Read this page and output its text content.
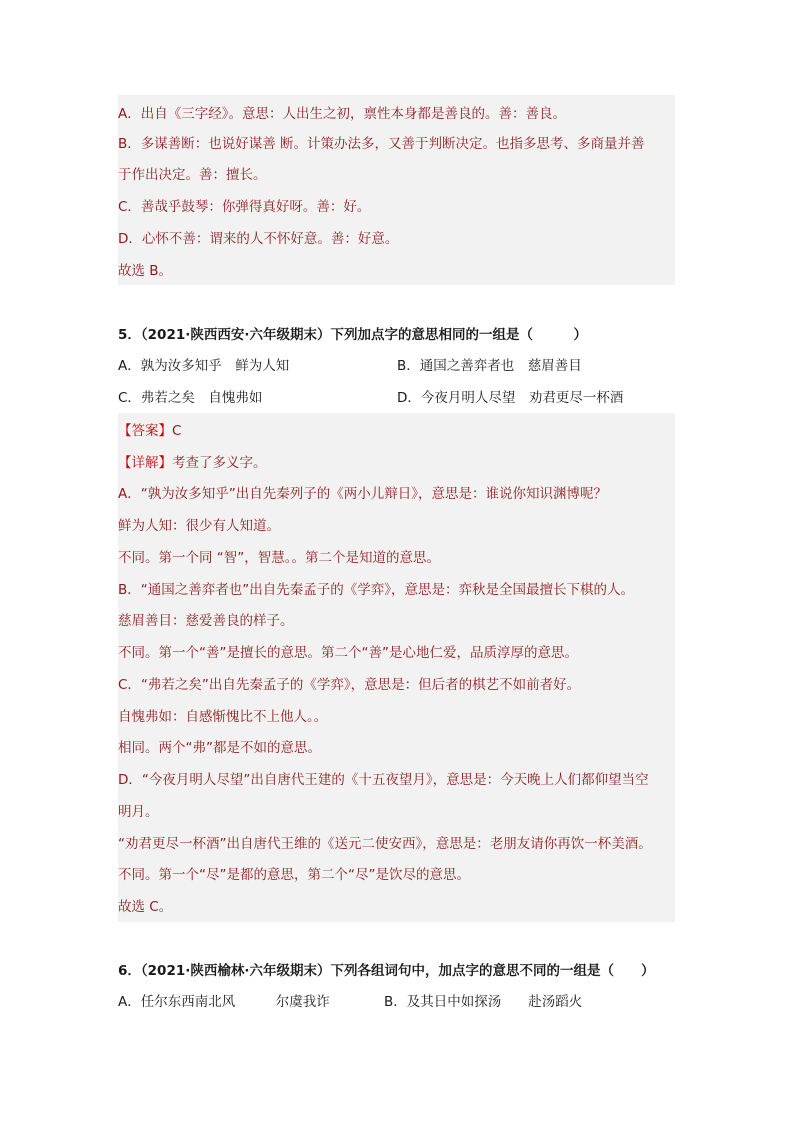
A．出自《三字经》。意思：人出生之初，禀性本身都是善良的。善：善良。
B．多谋善断：也说好谋善 断。计策办法多，又善于判断决定。也指多思考、多商量并善
于作出决定。善：擅长。
C．善哉乎鼓琴：你弹得真好呀。善：好。
D．心怀不善：谓来的人不怀好意。善：好意。
故选 B。
5．（2021·陕西西安·六年级期末）下列加点字的意思相同的一组是（　　　）
A．孰为汝多知乎　鲜为人知	B．通国之善弈者也　慈眉善目
C．弗若之矣　自愧弗如	D．今夜月明人尽望　劝君更尽一杯酒
【答案】C
【详解】考查了多义字。
A．“孰为汝多知乎”出自先秦列子的《两小儿辩日》，意思是：谁说你知识渊博呢？
鲜为人知：很少有人知道。
不同。第一个同 “智”，智慧。。第二个是知道的意思。
B．“通国之善弈者也”出自先秦孟子的《学弈》，意思是：弈秋是全国最擅长下棋的人。
慈眉善目：慈爱善良的样子。
不同。第一个“善”是擅长的意思。第二个“善”是心地仁爱，品质淳厚的意思。
C．“弗若之矣”出自先秦孟子的《学弈》，意思是：但后者的棋艺不如前者好。
自愧弗如：自感惭愧比不上他人。。
相同。两个“弗”都是不如的意思。
D．“今夜月明人尽望”出自唐代王建的《十五夜望月》，意思是：今天晚上人们都仰望当空
明月。
“劝君更尽一杯酒”出自唐代王维的《送元二使安西》，意思是：老朋友请你再饮一杯美酒。
不同。第一个“尽”是都的意思，第二个“尽”是饮尽的意思。
故选 C。
6．（2021·陕西榆林·六年级期末）下列各组词句中，加点字的意思不同的一组是（　　）
A．任尔东西南北风　　　尔虞我诈	B．及其日中如探汤　　赴汤蹈火
